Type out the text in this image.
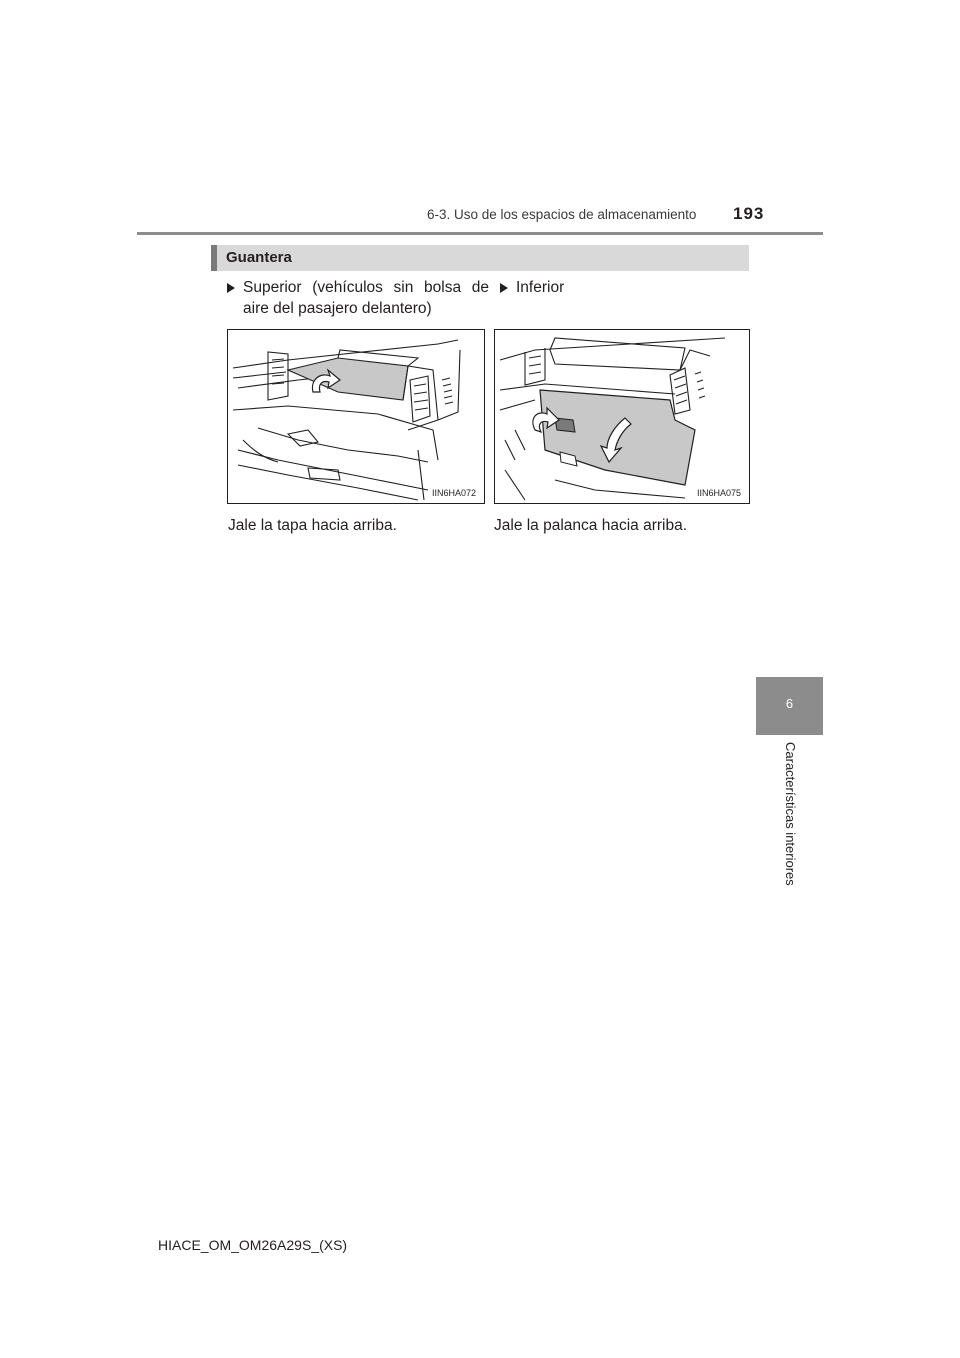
6-3. Uso de los espacios de almacenamiento 193
Guantera
Superior (vehículos sin bolsa de
aire del pasajero delantero)
Inferior
IIN6HA072	IIN6HA075
Jale la tapa hacia arriba.	Jale la palanca hacia arriba.
6
Características interiores
HIACE_OM_OM26A29S_(XS)
